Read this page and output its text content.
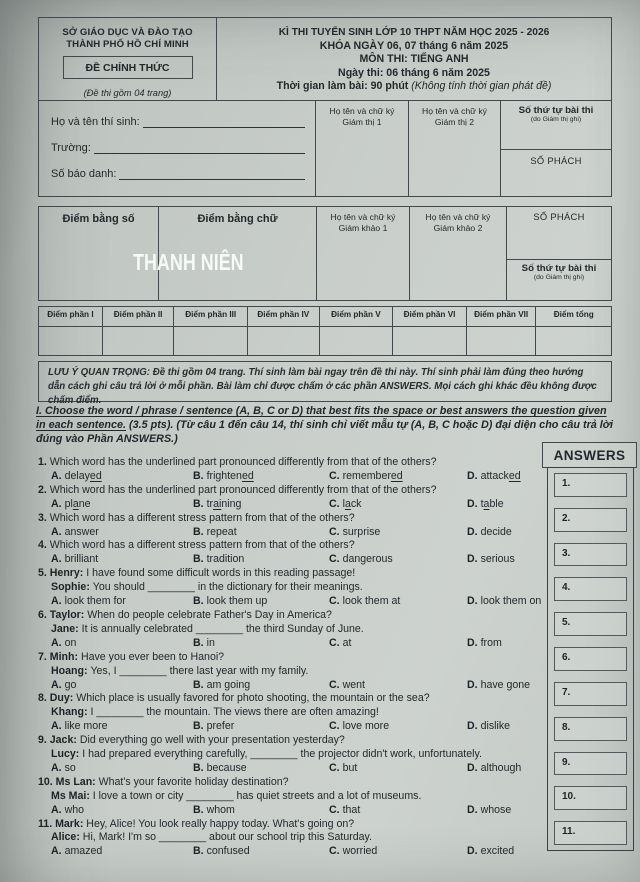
SỞ GIÁO DỤC VÀ ĐÀO TẠO
THÀNH PHỐ HỒ CHÍ MINH
ĐỀ CHÍNH THỨC
(Đề thi gồm 04 trang)
KÌ THI TUYỂN SINH LỚP 10 THPT NĂM HỌC 2025 - 2026
KHÓA NGÀY 06, 07 tháng 6 năm 2025
MÔN THI: TIẾNG ANH
Ngày thi: 06 tháng 6 năm 2025
Thời gian làm bài: 90 phút (Không tính thời gian phát đề)
Họ và tên thí sinh:
Trường:
Số báo danh:
Họ tên và chữ ký
Giám thị 1
Họ tên và chữ ký
Giám thị 2
Số thứ tự bài thi
(do Giám thị ghi)
SỐ PHÁCH
Điểm bằng số	Điểm bằng chữ	Họ tên và chữ ký
Giám khảo 1
Họ tên và chữ ký
Giám khảo 2
SỐ PHÁCH
Số thứ tự bài thi
(do Giám thị ghi)
THANH NIÊN
Điểm phần I Điểm phần II	Điểm phần III	Điểm phần IV	Điểm phần V	Điểm phần VI Điểm phần VII	Điểm tổng
LƯU Ý QUAN TRỌNG: Đề thi gồm 04 trang. Thí sinh làm bài ngay trên đề thi này. Thí sinh phải làm đúng theo hướng dẫn cách ghi câu trả lời ở mỗi phần. Bài làm chỉ được chấm ở các phần ANSWERS. Mọi cách ghi khác đều không được chấm điểm.
I. Choose the word / phrase / sentence (A, B, C or D) that best fits the space or best answers the question given in each sentence. (3.5 pts). (Từ câu 1 đến câu 14, thí sinh chỉ viết mẫu tự (A, B, C hoặc D) đại diện cho câu trả lời đúng vào Phần ANSWERS.)
1. Which word has the underlined part pronounced differently from that of the others?
A. delayed	B. frightened	C. remembered	D. attacked
2. Which word has the underlined part pronounced differently from that of the others?
A. plane	B. training	C. lack	D. table
3. Which word has a different stress pattern from that of the others?
A. answer	B. repeat	C. surprise	D. decide
4. Which word has a different stress pattern from that of the others?
A. brilliant	B. tradition	C. dangerous	D. serious
5. Henry: I have found some difficult words in this reading passage!
Sophie: You should ________ in the dictionary for their meanings.
A. look them for	B. look them up	C. look them at	D. look them on
6. Taylor: When do people celebrate Father's Day in America?
Jane: It is annually celebrated ________ the third Sunday of June.
A. on	B. in	C. at	D. from
7. Minh: Have you ever been to Hanoi?
Hoang: Yes, I ________ there last year with my family.
A. go	B. am going	C. went	D. have gone
8. Duy: Which place is usually favored for photo shooting, the mountain or the sea?
Khang: I ________ the mountain. The views there are often amazing!
A. like more	B. prefer	C. love more	D. dislike
9. Jack: Did everything go well with your presentation yesterday?
Lucy: I had prepared everything carefully, ________ the projector didn't work, unfortunately.
A. so	B. because	C. but	D. although
10. Ms Lan: What's your favorite holiday destination?
Ms Mai: I love a town or city ________ has quiet streets and a lot of museums.
A. who	B. whom	C. that	D. whose
11. Mark: Hey, Alice! You look really happy today. What's going on?
Alice: Hi, Mark! I'm so ________ about our school trip this Saturday.
A. amazed	B. confused	C. worried	D. excited
ANSWERS
1.
2.
3.
4.
5.
6.
7.
8.
9.
10.
11.
